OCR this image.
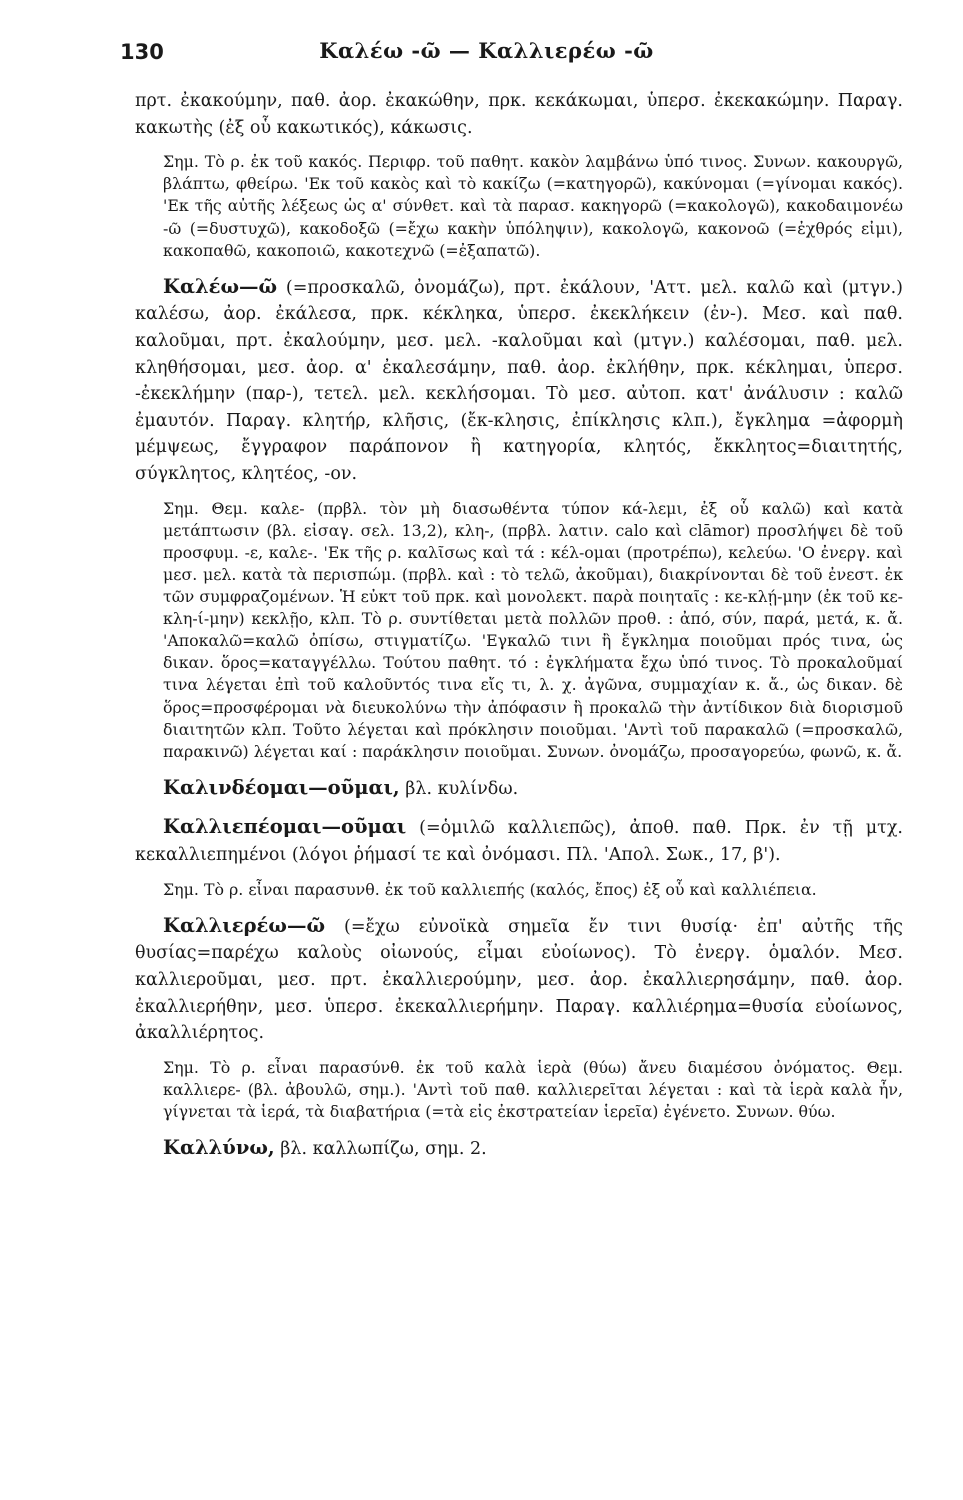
130	Καλέω -ῶ — Καλλιερέω -ῶ

πρτ. ἐκακούμην, παθ. ἀορ. ἐκακώθην, πρκ. κεκάκωμαι, ὑπερσ. ἐκεκακώμην. Παραγ. κακωτὴς (ἐξ οὗ κακωτικός), κάκωσις.

Σημ. Τὸ ρ. ἐκ τοῦ κακός. Περιφρ. τοῦ παθητ. κακὸν λαμβάνω ὑπό τινος. Συνων. κακουργῶ, βλάπτω, φθείρω. 'Εκ τοῦ κακὸς καὶ τὸ κακίζω (=κατηγορῶ), κακύνομαι (=γίνομαι κακός). 'Εκ τῆς αὐτῆς λέξεως ὡς α' σύνθετ. καὶ τὰ παρασ. κακηγορῶ (=κακολογῶ), κακοδαιμονέω -ῶ (=δυστυχῶ), κακοδοξῶ (=ἔχω κακὴν ὑπόληψιν), κακολογῶ, κακονοῶ (=ἐχθρός εἰμι), κακοπαθῶ, κακοποιῶ, κακοτεχνῶ (=ἐξαπατῶ).

Καλέω—ῶ (=προσκαλῶ, ὀνομάζω), πρτ. ἐκάλουν, 'Αττ. μελ. καλῶ καὶ (μτγν.) καλέσω, ἀορ. ἐκάλεσα, πρκ. κέκληκα, ὑπερσ. ἐκεκλήκειν (ἐν-). Μεσ. καὶ παθ. καλοῦμαι, πρτ. ἐκαλούμην, μεσ. μελ. -καλοῦμαι καὶ (μτγν.) καλέσομαι, παθ. μελ. κληθήσομαι, μεσ. ἀορ. α' ἐκαλεσάμην, παθ. ἀορ. ἐκλήθην, πρκ. κέκλημαι, ὑπερσ. -ἐκεκλήμην (παρ-), τετελ. μελ. κεκλήσομαι. Τὸ μεσ. αὐτοπ. κατ' ἀνάλυσιν : καλῶ ἐμαυτόν. Παραγ. κλητήρ, κλῆσις, (ἔκ-κλησις, ἐπίκλησις κλπ.), ἔγκλημα =ἀφορμὴ μέμψεως, ἔγγραφον παράπονον ἢ κατηγορία, κλητός, ἔκκλητος=διαιτητής, σύγκλητος, κλητέος, -ον.

Σημ. Θεμ. καλε- (πρβλ. τὸν μὴ διασωθέντα τύπον κά-λεμι, ἐξ οὗ καλῶ) καὶ κατὰ μετάπτωσιν (βλ. εἰσαγ. σελ. 13,2), κλη-, (πρβλ. λατιν. calo καὶ clāmor) προσλήψει δὲ τοῦ προσφυμ. -ε, καλε-. 'Εκ τῆς ρ. καλῖσως καὶ τά : κέλ-ομαι (προτρέπω), κελεύω. 'Ο ἐνεργ. καὶ μεσ. μελ. κατὰ τὰ περισπώμ. (πρβλ. καὶ : τὸ τελῶ, ἀκοῦμαι), διακρίνονται δὲ τοῦ ἐνεστ. ἐκ τῶν συμφραζομένων. Ἡ εὐκτ τοῦ πρκ. καὶ μονολεκτ. παρὰ ποιηταῖς : κε-κλῄ-μην (ἐκ τοῦ κε-κλη-ί-μην) κεκλῇο, κλπ. Τὸ ρ. συντίθεται μετὰ πολλῶν προθ. : ἀπό, σύν, παρά, μετά, κ. ἄ. 'Αποκαλῶ=καλῶ ὀπίσω, στιγματίζω. 'Εγκαλῶ τινι ἢ ἔγκλημα ποιοῦμαι πρός τινα, ὡς δικαν. ὅρος=καταγγέλλω. Τούτου παθητ. τό : ἐγκλήματα ἔχω ὑπό τινος. Τὸ προκαλοῦμαί τινα λέγεται ἐπὶ τοῦ καλοῦντός τινα εἴς τι, λ. χ. ἀγῶνα, συμμαχίαν κ. ἄ., ὡς δικαν. δὲ ὅρος=προσφέρομαι νὰ διευκολύνω τὴν ἀπόφασιν ἢ προκαλῶ τὴν ἀντίδικον διὰ διορισμοῦ διαιτητῶν κλπ. Τοῦτο λέγεται καὶ πρόκλησιν ποιοῦμαι. 'Αντὶ τοῦ παρακαλῶ (=προσκαλῶ, παρακινῶ) λέγεται καί : παράκλησιν ποιοῦμαι. Συνων. ὀνομάζω, προσαγορεύω, φωνῶ, κ. ἄ.

Καλινδέομαι—οῦμαι, βλ. κυλίνδω.

Καλλιεπέομαι—οῦμαι (=ὁμιλῶ καλλιεπῶς), ἀποθ. παθ. Πρκ. ἐν τῇ μτχ. κεκαλλιεπημένοι (λόγοι ῥήμασί τε καὶ ὀνόμασι. Πλ. 'Απολ. Σωκ., 17, β').

Σημ. Τὸ ρ. εἶναι παρασυνθ. ἐκ τοῦ καλλιεπής (καλός, ἔπος) ἐξ οὗ καὶ καλλιέπεια.

Καλλιερέω—ῶ (=ἔχω εὐνοϊκὰ σημεῖα ἔν τινι θυσίᾳ· ἐπ' αὐτῆς τῆς θυσίας=παρέχω καλοὺς οἰωνούς, εἶμαι εὐοίωνος). Τὸ ἐνεργ. ὁμαλόν. Μεσ. καλλιεροῦμαι, μεσ. πρτ. ἐκαλλιερούμην, μεσ. ἀορ. ἐκαλλιερησάμην, παθ. ἀορ. ἐκαλλιερήθην, μεσ. ὑπερσ. ἐκεκαλλιερήμην. Παραγ. καλλιέρημα=θυσία εὐοίωνος, ἀκαλλιέρητος.

Σημ. Τὸ ρ. εἶναι παρασύνθ. ἐκ τοῦ καλὰ ἱερὰ (θύω) ἄνευ διαμέσου ὀνόματος. Θεμ. καλλιερε- (βλ. ἀβουλῶ, σημ.). 'Αντὶ τοῦ παθ. καλλιερεῖται λέγεται : καὶ τὰ ἱερὰ καλὰ ἦν, γίγνεται τὰ ἱερά, τὰ διαβατήρια (=τὰ εἰς ἐκστρατείαν ἱερεῖα) ἐγένετο. Συνων. θύω.

Καλλύνω, βλ. καλλωπίζω, σημ. 2.
